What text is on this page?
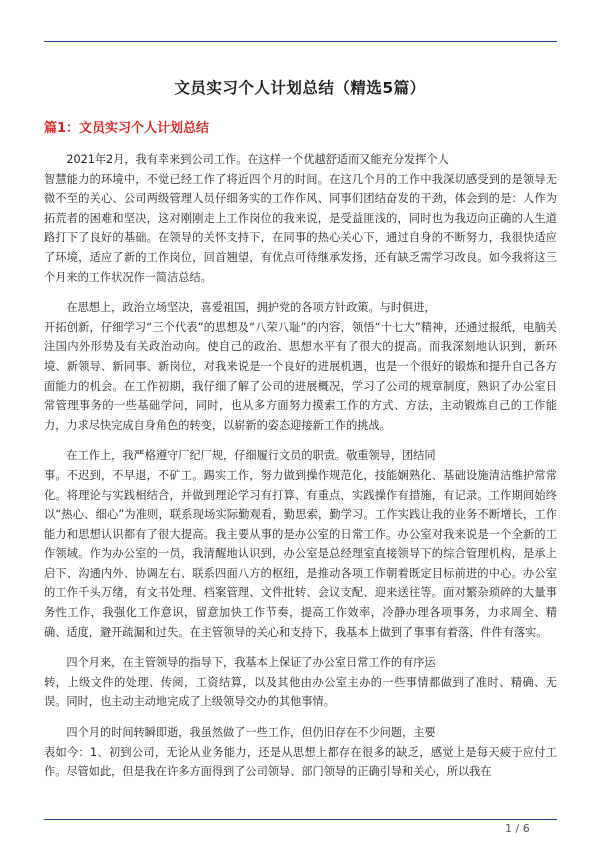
文员实习个人计划总结（精选5篇）
篇1：文员实习个人计划总结

　　2021年2月，我有幸来到公司工作。在这样一个优越舒适而又能充分发挥个人
智慧能力的环境中，不觉已经工作了将近四个月的时间。在这几个月的工作中我深切感受到的是领导无微不至的关心、公司两级管理人员仔细务实的工作作风、同事们团结奋发的干劲，体会到的是：人作为拓荒者的困难和坚决，这对刚刚走上工作岗位的我来说，是受益匪浅的，同时也为我迈向正确的人生道路打下了良好的基础。在领导的关怀支持下，在同事的热心关心下，通过自身的不断努力，我很快适应了环境，适应了新的工作岗位，回首翘望，有优点可待继承发扬，还有缺乏需学习改良。如今我将这三个月来的工作状况作一简洁总结。

　　在思想上，政治立场坚决，喜爱祖国，拥护党的各项方针政策。与时俱进，
开拓创新，仔细学习“三个代表”的思想及“八荣八耻”的内容，领悟“十七大”精神，还通过报纸，电脑关注国内外形势及有关政治动向。使自己的政治、思想水平有了很大的提高。而我深刻地认识到，新环境、新领导、新同事、新岗位，对我来说是一个良好的进展机遇，也是一个很好的锻炼和提升自己各方面能力的机会。在工作初期，我仔细了解了公司的进展概况，学习了公司的规章制度，熟识了办公室日常管理事务的一些基础学问，同时，也从多方面努力摸索工作的方式、方法，主动锻炼自己的工作能力，力求尽快完成自身角色的转变，以崭新的姿态迎接新工作的挑战。

　　在工作上，我严格遵守厂纪厂规，仔细履行文员的职责。敬重领导，团结同
事。不迟到，不早退，不矿工。踢实工作，努力做到操作规范化，技能娴熟化、基础设施清洁维护常常化。将理论与实践相结合，并做到理论学习有打算、有重点，实践操作有措施，有记录。工作期间始终以“热心、细心”为准则，联系现场实际勤观看，勤思索，勤学习。工作实践让我的业务不断增长，工作能力和思想认识都有了很大提高。我主要从事的是办公室的日常工作。办公室对我来说是一个全新的工作领域。作为办公室的一员，我清醒地认识到，办公室是总经理室直接领导下的综合管理机构，是承上启下、沟通内外、协调左右、联系四面八方的枢纽，是推动各项工作朝着既定目标前进的中心。办公室的工作千头万绪，有文书处理、档案管理、文件批转、会议支配、迎来送往等。面对繁杂琐碎的大量事务性工作，我强化工作意识，留意加快工作节奏，提高工作效率，冷静办理各项事务，力求周全、精确、适度，避开疏漏和过失。在主管领导的关心和支持下，我基本上做到了事事有着落、件件有落实。

　　四个月来，在主管领导的指导下，我基本上保证了办公室日常工作的有序运
转，上级文件的处理、传阅，工资结算，以及其他由办公室主办的一些事情都做到了准时、精确、无误。同时，也主动主动地完成了上级领导交办的其他事情。

　　四个月的时间转瞬即逝，我虽然做了一些工作，但仍旧存在不少问题，主要
表如今：1、初到公司，无论从业务能力，还是从思想上都存在很多的缺乏，感觉上是每天疲于应付工作。尽管如此，但是我在许多方面得到了公司领导、部门领导的正确引导和关心，所以我在

1 / 6
